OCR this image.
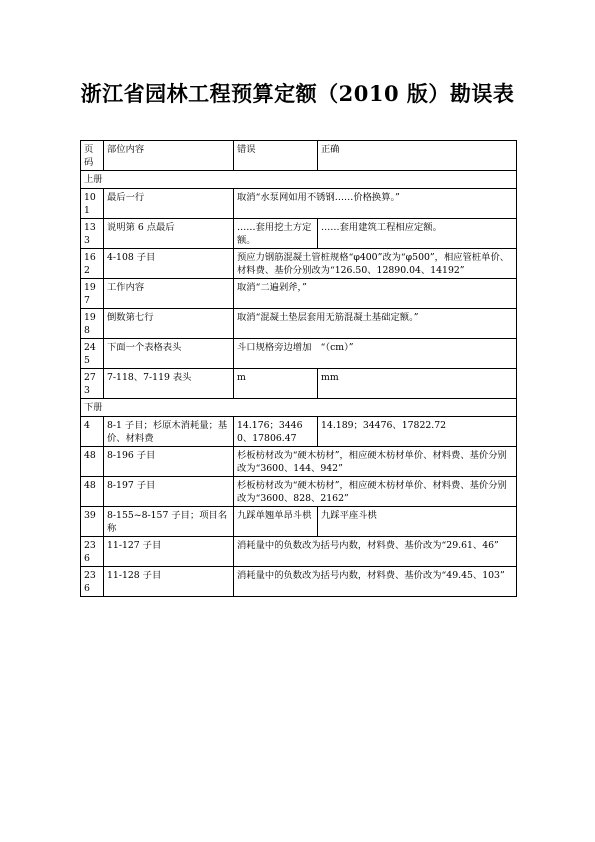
浙江省园林工程预算定额（2010 版）勘误表
页码	部位内容	错误	正确
上册			
101	最后一行	取消“水泵网如用不锈钢……价格换算。”	
133	说明第 6 点最后	……套用挖土方定额。	……套用建筑工程相应定额。
162	4-108 子目	预应力钢筋混凝土管桩规格“φ400”改为“φ500”，相应管桩单价、材料费、基价分别改为“126.50、12890.04、14192”	
197	工作内容	取消“二遍剁斧，”	
198	倒数第七行	取消“混凝土垫层套用无筋混凝土基础定额。”	
245	下面一个表格表头	斗口规格旁边增加　“（cm）”	
273	7-118、7-119 表头	m	mm
下册			
4	8-1 子目；杉原木消耗量；基价、材料费	14.176；34460、17806.47	14.189；34476、17822.72
48	8-196 子目	杉板枋材改为“硬木枋材”，相应硬木枋材单价、材料费、基价分别改为“3600、144、942”	
48	8-197 子目	杉板枋材改为“硬木枋材”，相应硬木枋材单价、材料费、基价分别改为“3600、828、2162”	
39	8-155~8-157 子目；项目名称	九踩单翘单昂斗栱	九踩平座斗栱
236	11-127 子目	消耗量中的负数改为括号内数，材料费、基价改为“29.61、46”	
236	11-128 子目	消耗量中的负数改为括号内数，材料费、基价改为“49.45、103”	
